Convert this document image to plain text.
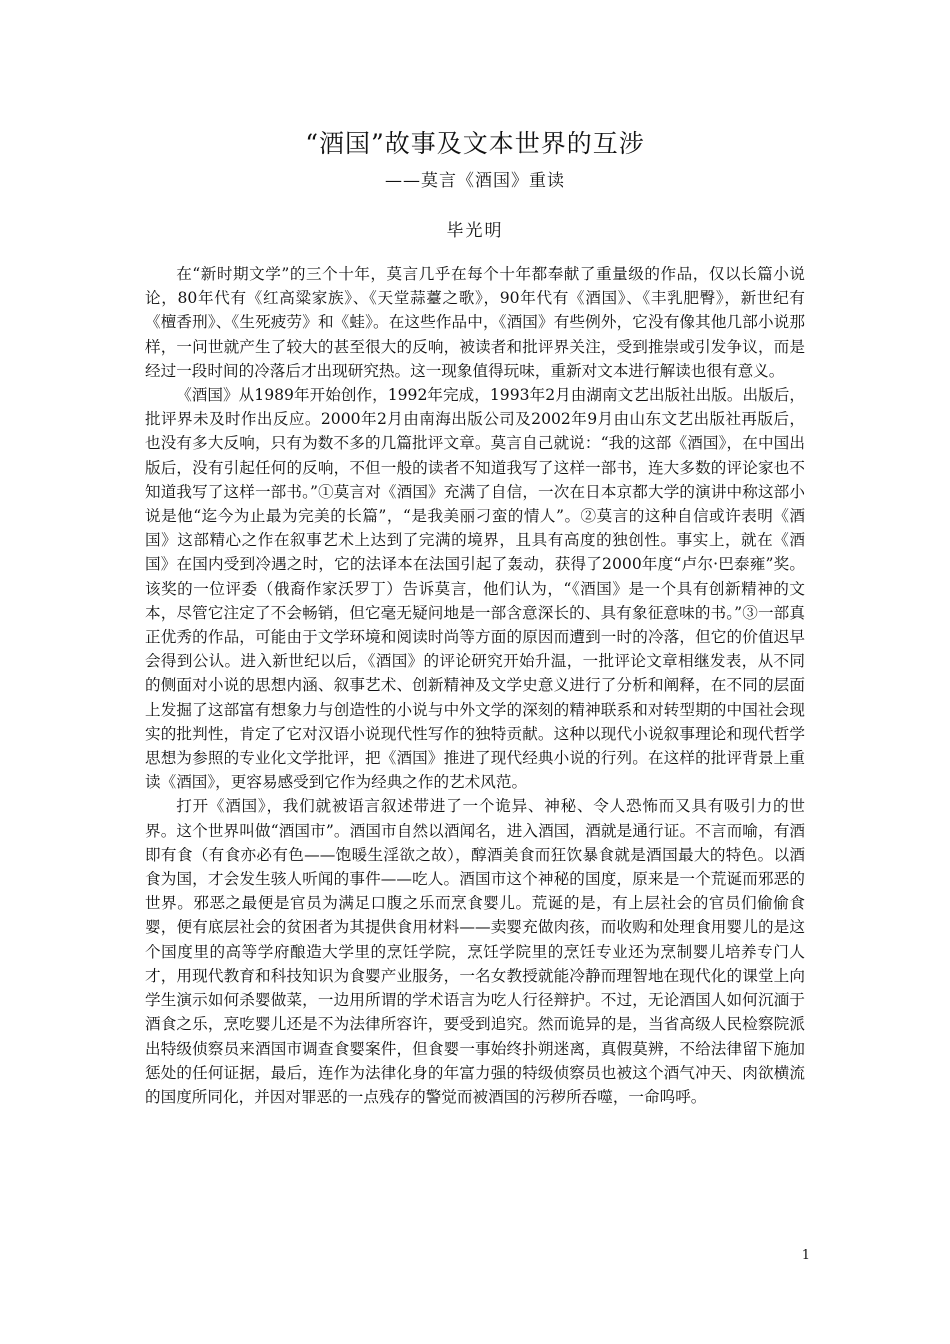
“酒国”故事及文本世界的互涉
——莫言《酒国》重读
毕光明

在“新时期文学”的三个十年，莫言几乎在每个十年都奉献了重量级的作品，仅以长篇小说论，80年代有《红高粱家族》、《天堂蒜薹之歌》，90年代有《酒国》、《丰乳肥臀》，新世纪有《檀香刑》、《生死疲劳》和《蛙》。在这些作品中，《酒国》有些例外，它没有像其他几部小说那样，一问世就产生了较大的甚至很大的反响，被读者和批评界关注，受到推崇或引发争议，而是经过一段时间的冷落后才出现研究热。这一现象值得玩味，重新对文本进行解读也很有意义。

《酒国》从1989年开始创作，1992年完成，1993年2月由湖南文艺出版社出版。出版后，批评界未及时作出反应。2000年2月由南海出版公司及2002年9月由山东文艺出版社再版后，也没有多大反响，只有为数不多的几篇批评文章。莫言自己就说：“我的这部《酒国》，在中国出版后，没有引起任何的反响，不但一般的读者不知道我写了这样一部书，连大多数的评论家也不知道我写了这样一部书。”①莫言对《酒国》充满了自信，一次在日本京都大学的演讲中称这部小说是他“迄今为止最为完美的长篇”，“是我美丽刁蛮的情人”。②莫言的这种自信或许表明《酒国》这部精心之作在叙事艺术上达到了完满的境界，且具有高度的独创性。事实上，就在《酒国》在国内受到冷遇之时，它的法译本在法国引起了轰动，获得了2000年度“卢尔·巴泰雍”奖。该奖的一位评委（俄裔作家沃罗丁）告诉莫言，他们认为，“《酒国》是一个具有创新精神的文本，尽管它注定了不会畅销，但它毫无疑问地是一部含意深长的、具有象征意味的书。”③一部真正优秀的作品，可能由于文学环境和阅读时尚等方面的原因而遭到一时的冷落，但它的价值迟早会得到公认。进入新世纪以后，《酒国》的评论研究开始升温，一批评论文章相继发表，从不同的侧面对小说的思想内涵、叙事艺术、创新精神及文学史意义进行了分析和阐释，在不同的层面上发掘了这部富有想象力与创造性的小说与中外文学的深刻的精神联系和对转型期的中国社会现实的批判性，肯定了它对汉语小说现代性写作的独特贡献。这种以现代小说叙事理论和现代哲学思想为参照的专业化文学批评，把《酒国》推进了现代经典小说的行列。在这样的批评背景上重读《酒国》，更容易感受到它作为经典之作的艺术风范。

打开《酒国》，我们就被语言叙述带进了一个诡异、神秘、令人恐怖而又具有吸引力的世界。这个世界叫做“酒国市”。酒国市自然以酒闻名，进入酒国，酒就是通行证。不言而喻，有酒即有食（有食亦必有色——饱暖生淫欲之故），醇酒美食而狂饮暴食就是酒国最大的特色。以酒食为国，才会发生骇人听闻的事件——吃人。酒国市这个神秘的国度，原来是一个荒诞而邪恶的世界。邪恶之最便是官员为满足口腹之乐而烹食婴儿。荒诞的是，有上层社会的官员们偷偷食婴，便有底层社会的贫困者为其提供食用材料——卖婴充做肉孩，而收购和处理食用婴儿的是这个国度里的高等学府酿造大学里的烹饪学院，烹饪学院里的烹饪专业还为烹制婴儿培养专门人才，用现代教育和科技知识为食婴产业服务，一名女教授就能冷静而理智地在现代化的课堂上向学生演示如何杀婴做菜，一边用所谓的学术语言为吃人行径辩护。不过，无论酒国人如何沉湎于酒食之乐，烹吃婴儿还是不为法律所容许，要受到追究。然而诡异的是，当省高级人民检察院派出特级侦察员来酒国市调查食婴案件，但食婴一事始终扑朔迷离，真假莫辨，不给法律留下施加惩处的任何证据，最后，连作为法律化身的年富力强的特级侦察员也被这个酒气冲天、肉欲横流的国度所同化，并因对罪恶的一点残存的警觉而被酒国的污秽所吞噬，一命呜呼。

1
